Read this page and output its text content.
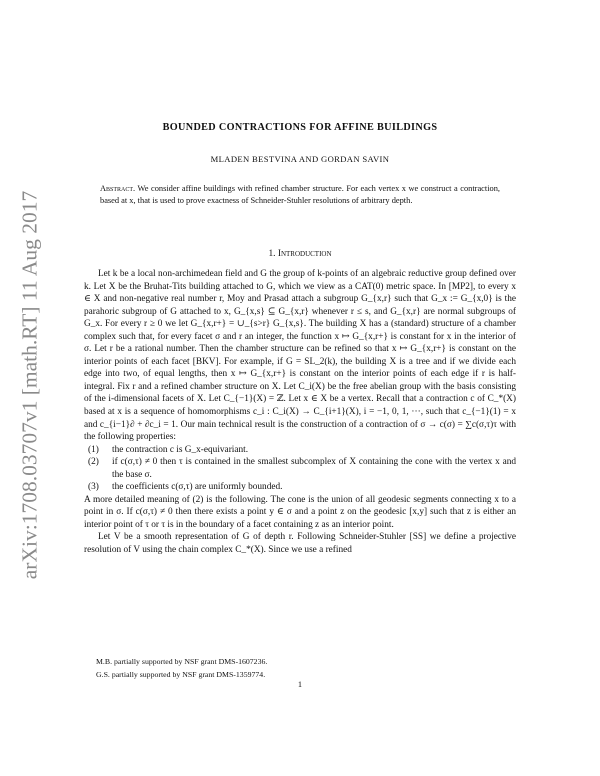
arXiv:1708.03707v1 [math.RT] 11 Aug 2017
BOUNDED CONTRACTIONS FOR AFFINE BUILDINGS
MLADEN BESTVINA AND GORDAN SAVIN
Abstract. We consider affine buildings with refined chamber structure. For each vertex x we construct a contraction, based at x, that is used to prove exactness of Schneider-Stuhler resolutions of arbitrary depth.
1. Introduction

Let k be a local non-archimedean field and G the group of k-points of an algebraic reductive group defined over k. Let X be the Bruhat-Tits building attached to G, which we view as a CAT(0) metric space. In [MP2], to every x ∈ X and non-negative real number r, Moy and Prasad attach a subgroup G_{x,r} such that G_x := G_{x,0} is the parahoric subgroup of G attached to x, G_{x,s} ⊆ G_{x,r} whenever r ≤ s, and G_{x,r} are normal subgroups of G_x. For every r ≥ 0 we let G_{x,r+} = ∪_{s>r} G_{x,s}. The building X has a (standard) structure of a chamber complex such that, for every facet σ and r an integer, the function x ↦ G_{x,r+} is constant for x in the interior of σ. Let r be a rational number. Then the chamber structure can be refined so that x ↦ G_{x,r+} is constant on the interior points of each facet [BKV]. For example, if G = SL_2(k), the building X is a tree and if we divide each edge into two, of equal lengths, then x ↦ G_{x,r+} is constant on the interior points of each edge if r is half-integral. Fix r and a refined chamber structure on X. Let C_i(X) be the free abelian group with the basis consisting of the i-dimensional facets of X. Let C_{−1}(X) = ℤ. Let x ∈ X be a vertex. Recall that a contraction c of C_*(X) based at x is a sequence of homomorphisms c_i : C_i(X) → C_{i+1}(X), i = −1, 0, 1, ···, such that c_{−1}(1) = x and c_{i−1}∂ + ∂c_i = 1. Our main technical result is the construction of a contraction of σ → c(σ) = ∑c(σ,τ)τ with the following properties:

(1) the contraction c is G_x-equivariant.
(2) if c(σ,τ) ≠ 0 then τ is contained in the smallest subcomplex of X containing the cone with the vertex x and the base σ.
(3) the coefficients c(σ,τ) are uniformly bounded.

A more detailed meaning of (2) is the following. The cone is the union of all geodesic segments connecting x to a point in σ. If c(σ,τ) ≠ 0 then there exists a point y ∈ σ and a point z on the geodesic [x,y] such that z is either an interior point of τ or τ is in the boundary of a facet containing z as an interior point.

Let V be a smooth representation of G of depth r. Following Schneider-Stuhler [SS] we define a projective resolution of V using the chain complex C_*(X). Since we use a refined

M.B. partially supported by NSF grant DMS-1607236.

G.S. partially supported by NSF grant DMS-1359774.

1
